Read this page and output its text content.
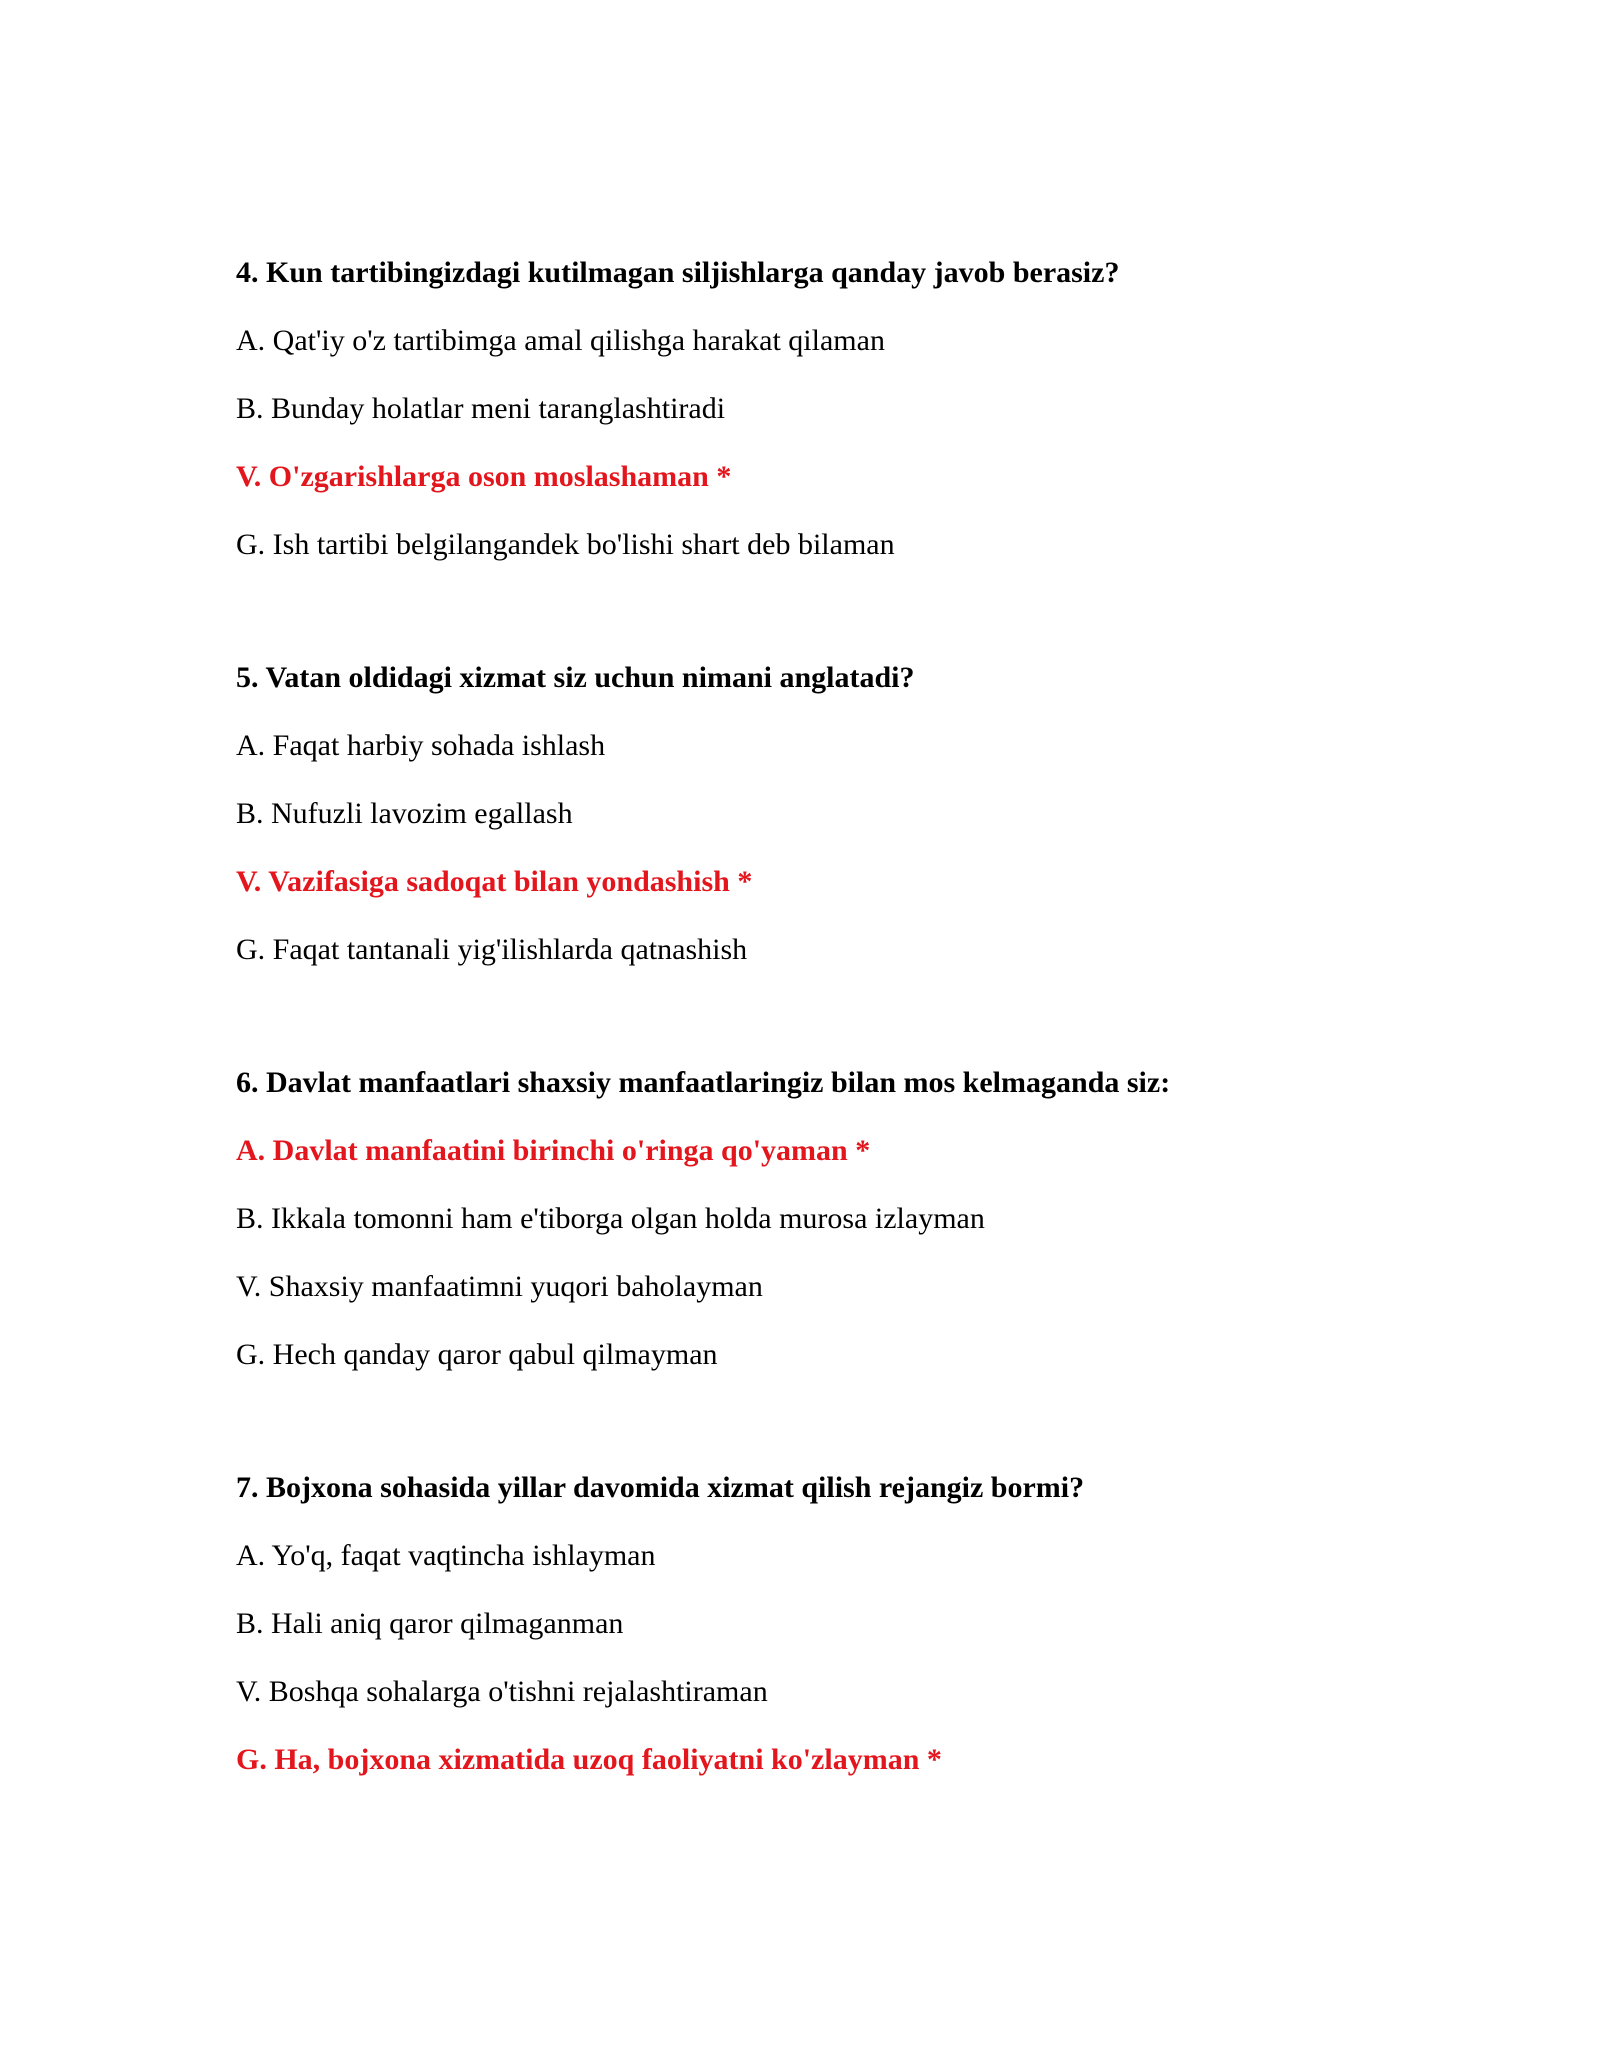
4. Kun tartibingizdagi kutilmagan siljishlarga qanday javob berasiz?
A. Qat'iy o'z tartibimga amal qilishga harakat qilaman
B. Bunday holatlar meni taranglashtiradi
V. O'zgarishlarga oson moslashaman *
G. Ish tartibi belgilangandek bo'lishi shart deb bilaman
5. Vatan oldidagi xizmat siz uchun nimani anglatadi?
A. Faqat harbiy sohada ishlash
B. Nufuzli lavozim egallash
V. Vazifasiga sadoqat bilan yondashish *
G. Faqat tantanali yig'ilishlarda qatnashish
6. Davlat manfaatlari shaxsiy manfaatlaringiz bilan mos kelmaganda siz:
A. Davlat manfaatini birinchi o'ringa qo'yaman *
B. Ikkala tomonni ham e'tiborga olgan holda murosa izlayman
V. Shaxsiy manfaatimni yuqori baholayman
G. Hech qanday qaror qabul qilmayman
7. Bojxona sohasida yillar davomida xizmat qilish rejangiz bormi?
A. Yo'q, faqat vaqtincha ishlayman
B. Hali aniq qaror qilmaganman
V. Boshqa sohalarga o'tishni rejalashtiraman
G. Ha, bojxona xizmatida uzoq faoliyatni ko'zlayman *
